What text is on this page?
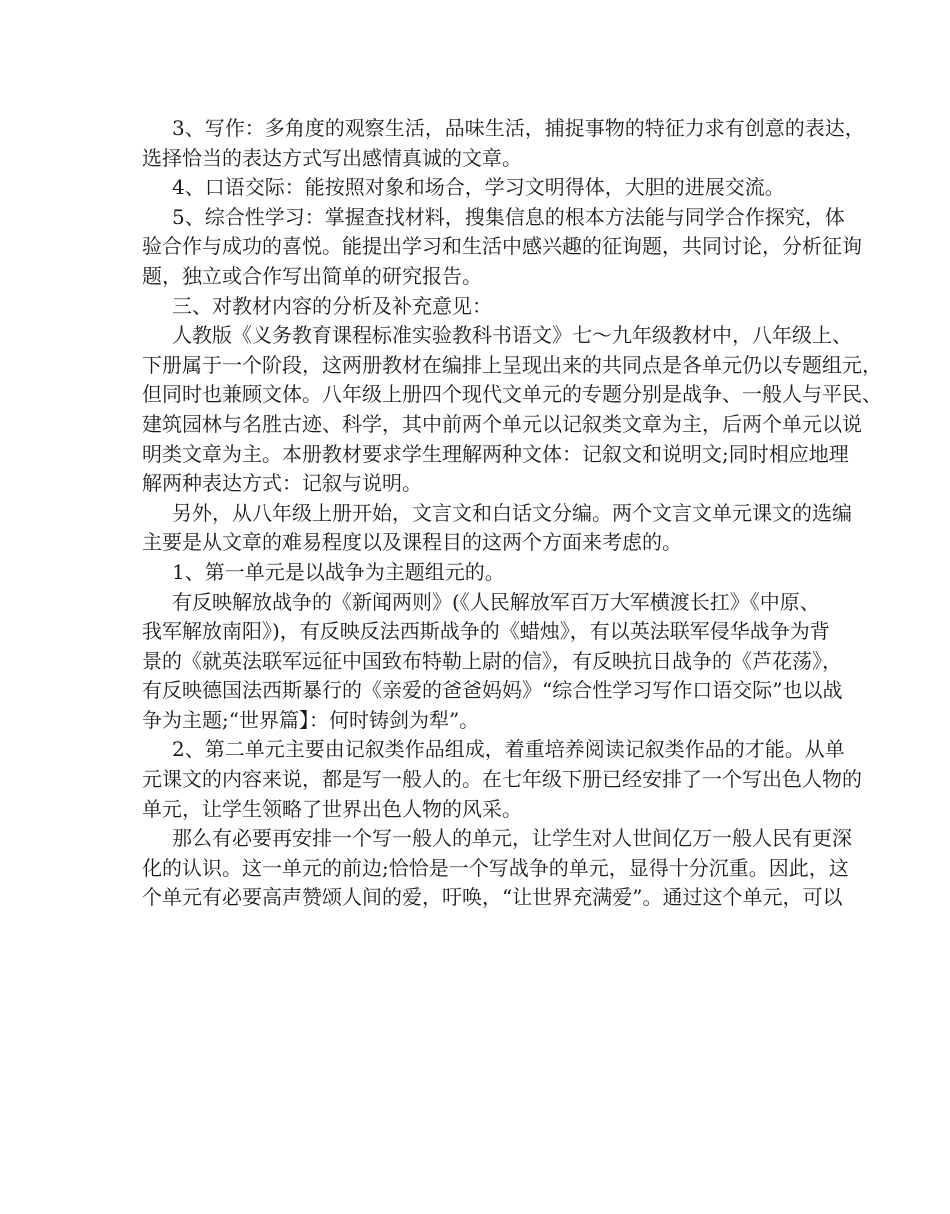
3、写作：多角度的观察生活，品味生活，捕捉事物的特征力求有创意的表达，
选择恰当的表达方式写出感情真诚的文章。
4、口语交际：能按照对象和场合，学习文明得体，大胆的进展交流。
5、综合性学习：掌握查找材料，搜集信息的根本方法能与同学合作探究，体
验合作与成功的喜悦。能提出学习和生活中感兴趣的征询题，共同讨论，分析征询
题，独立或合作写出简单的研究报告。
三、对教材内容的分析及补充意见：
人教版《义务教育课程标准实验教科书语文》七～九年级教材中，八年级上、
下册属于一个阶段，这两册教材在编排上呈现出来的共同点是各单元仍以专题组元，
但同时也兼顾文体。八年级上册四个现代文单元的专题分别是战争、一般人与平民、
建筑园林与名胜古迹、科学，其中前两个单元以记叙类文章为主，后两个单元以说
明类文章为主。本册教材要求学生理解两种文体：记叙文和说明文;同时相应地理
解两种表达方式：记叙与说明。
另外，从八年级上册开始，文言文和白话文分编。两个文言文单元课文的选编
主要是从文章的难易程度以及课程目的这两个方面来考虑的。
1、第一单元是以战争为主题组元的。
有反映解放战争的《新闻两则》(《人民解放军百万大军横渡长扛》《中原、
我军解放南阳》)，有反映反法西斯战争的《蜡烛》，有以英法联军侵华战争为背
景的《就英法联军远征中国致布特勒上尉的信》，有反映抗日战争的《芦花荡》，
有反映德国法西斯暴行的《亲爱的爸爸妈妈》“综合性学习写作口语交际”也以战
争为主题;“世界篇】：何时铸剑为犁”。
2、第二单元主要由记叙类作品组成，着重培养阅读记叙类作品的才能。从单
元课文的内容来说，都是写一般人的。在七年级下册已经安排了一个写出色人物的
单元，让学生领略了世界出色人物的风采。
那么有必要再安排一个写一般人的单元，让学生对人世间亿万一般人民有更深
化的认识。这一单元的前边;恰恰是一个写战争的单元，显得十分沉重。因此，这
个单元有必要高声赞颂人间的爱，吁唤，“让世界充满爱”。通过这个单元，可以
